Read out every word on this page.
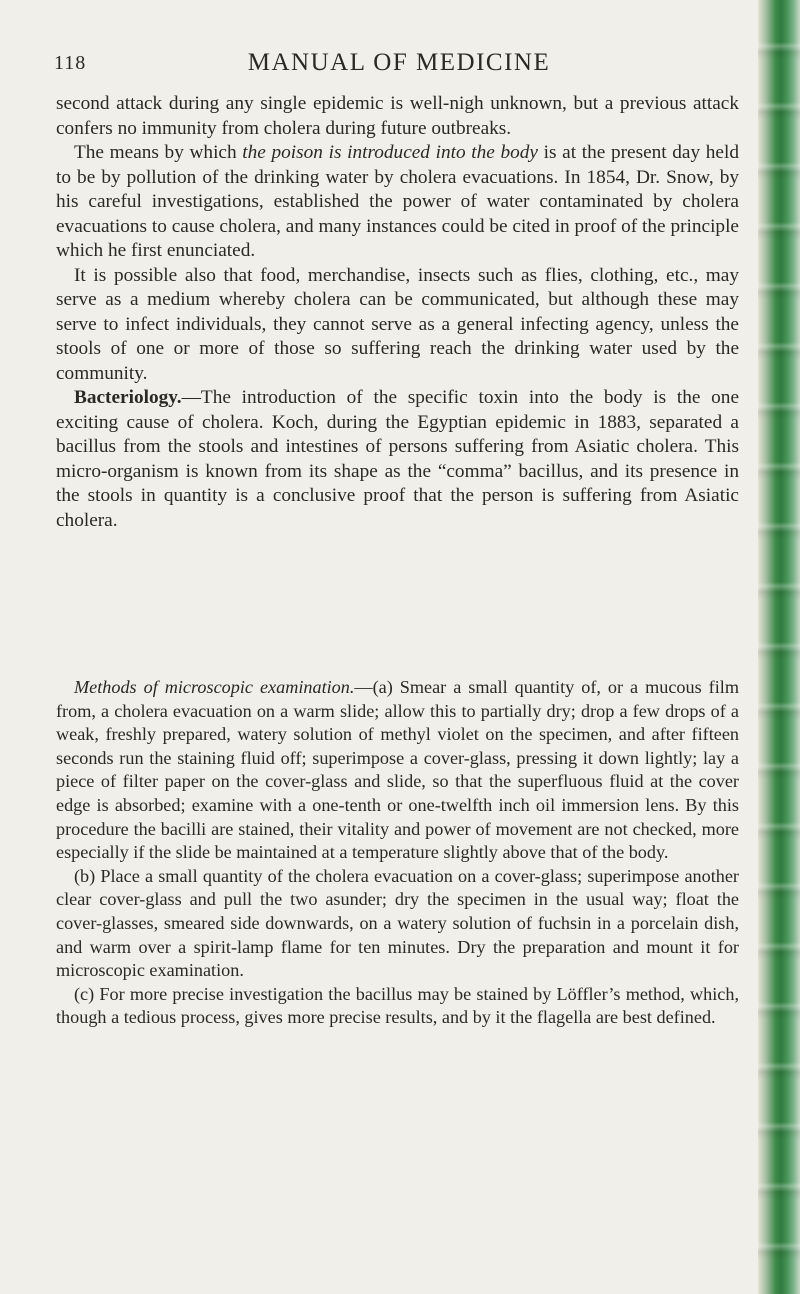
118	MANUAL OF MEDICINE

second attack during any single epidemic is well-nigh unknown, but a previous attack confers no immunity from cholera during future outbreaks.

The means by which the poison is introduced into the body is at the present day held to be by pollution of the drinking water by cholera evacuations. In 1854, Dr. Snow, by his careful investigations, established the power of water contaminated by cholera evacuations to cause cholera, and many instances could be cited in proof of the principle which he first enunciated.

It is possible also that food, merchandise, insects such as flies, clothing, etc., may serve as a medium whereby cholera can be communicated, but although these may serve to infect individuals, they cannot serve as a general infecting agency, unless the stools of one or more of those so suffering reach the drinking water used by the community.

Bacteriology.—The introduction of the specific toxin into the body is the one exciting cause of cholera. Koch, during the Egyptian epidemic in 1883, separated a bacillus from the stools and intestines of persons suffering from Asiatic cholera. This micro-organism is known from its shape as the “comma” bacillus, and its presence in the stools in quantity is a conclusive proof that the person is suffering from Asiatic cholera.

Methods of microscopic examination.—(a) Smear a small quantity of, or a mucous film from, a cholera evacuation on a warm slide; allow this to partially dry; drop a few drops of a weak, freshly prepared, watery solution of methyl violet on the specimen, and after fifteen seconds run the staining fluid off; superimpose a cover-glass, pressing it down lightly; lay a piece of filter paper on the cover-glass and slide, so that the superfluous fluid at the cover edge is absorbed; examine with a one-tenth or one-twelfth inch oil immersion lens. By this procedure the bacilli are stained, their vitality and power of movement are not checked, more especially if the slide be maintained at a temperature slightly above that of the body.

(b) Place a small quantity of the cholera evacuation on a cover-glass; superimpose another clear cover-glass and pull the two asunder; dry the specimen in the usual way; float the cover-glasses, smeared side downwards, on a watery solution of fuchsin in a porcelain dish, and warm over a spirit-lamp flame for ten minutes. Dry the preparation and mount it for microscopic examination.

(c) For more precise investigation the bacillus may be stained by Löffler’s method, which, though a tedious process, gives more precise results, and by it the flagella are best defined.
